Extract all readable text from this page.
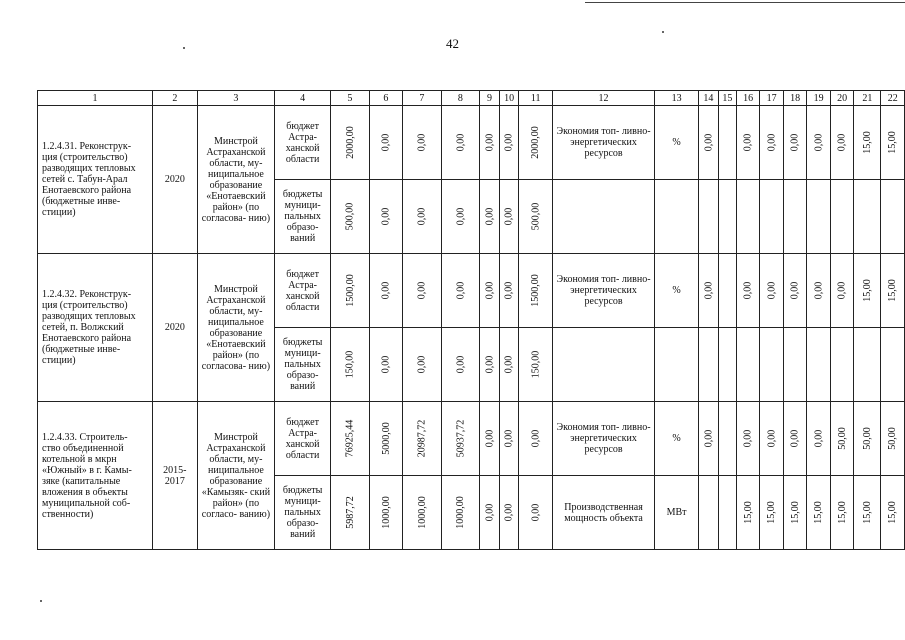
42
1	2	3	4	5	6	7	8	9	10	11	12	13	14	15	16	17	18	19	20	21	22
1.2.4.31. Реконструк- ция (строительство) разводящих тепловых сетей с. Табун-Арал Енотаевского района (бюджетные инве- стиции)	2020	Минстрой Астраханской области, му- ниципальное образование «Енотаевский район» (по согласова- нию)	бюджет Астра- ханской области	2000,00	0,00	0,00	0,00	0,00	0,00	2000,00	Экономия топ- ливно- энергетических ресурсов	%	0,00		0,00	0,00	0,00	0,00	0,00	15,00	15,00
			бюджеты муници- пальных образо- ваний	500,00	0,00	0,00	0,00	0,00	0,00	500,00											
1.2.4.32. Реконструк- ция (строительство) разводящих тепловых сетей, п. Волжский Енотаевского района (бюджетные инве- стиции)	2020	Минстрой Астраханской области, му- ниципальное образование «Енотаевский район» (по согласова- нию)	бюджет Астра- ханской области	1500,00	0,00	0,00	0,00	0,00	0,00	1500,00	Экономия топ- ливно- энергетических ресурсов	%	0,00		0,00	0,00	0,00	0,00	0,00	15,00	15,00
			бюджеты муници- пальных образо- ваний	150,00	0,00	0,00	0,00	0,00	0,00	150,00											
1.2.4.33. Строитель- ство объединенной котельной в мкрн «Южный» в г. Камы- зяке (капитальные вложения в объекты муниципальной соб- ственности)	2015- 2017	Минстрой Астраханской области, му- ниципальное образование «Камызяк- ский район» (по согласо- ванию)	бюджет Астра- ханской области	76925,44	5000,00	20987,72	50937,72	0,00	0,00	0,00	Экономия топ- ливно- энергетических ресурсов	%	0,00		0,00	0,00	0,00	0,00	50,00	50,00	50,00
			бюджеты муници- пальных образо- ваний	5987,72	1000,00	1000,00	1000,00	0,00	0,00	0,00	Производственная мощность объекта	МВт			15,00	15,00	15,00	15,00	15,00	15,00	15,00
